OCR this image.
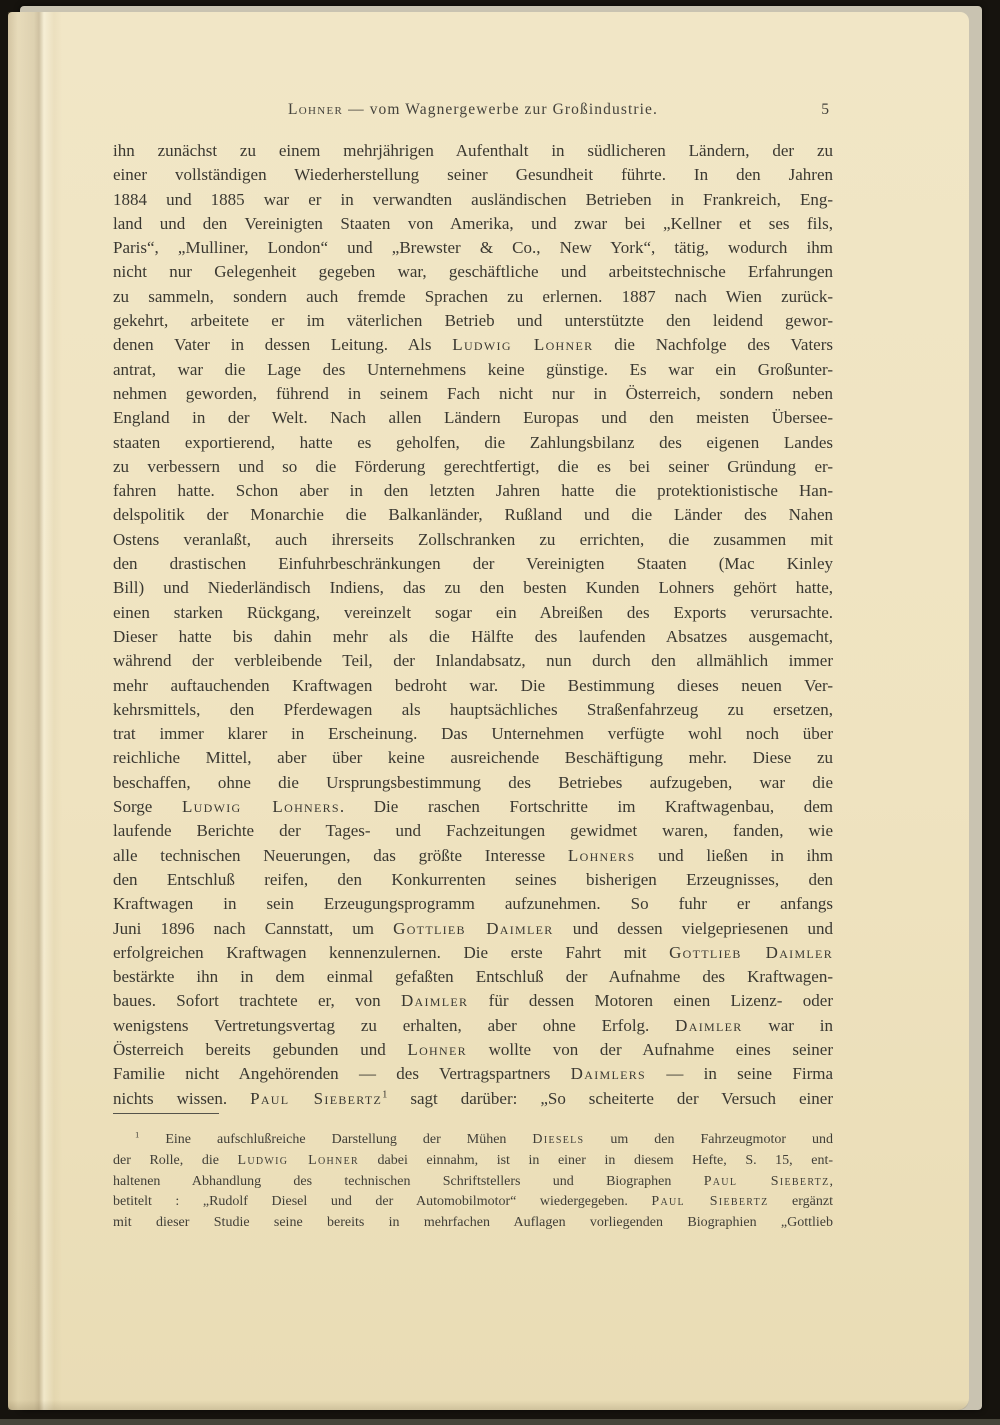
Lohner — vom Wagnergewerbe zur Großindustrie.	5
ihn zunächst zu einem mehrjährigen Aufenthalt in südlicheren Ländern, der zu
einer vollständigen Wiederherstellung seiner Gesundheit führte. In den Jahren
1884 und 1885 war er in verwandten ausländischen Betrieben in Frankreich, Eng-
land und den Vereinigten Staaten von Amerika, und zwar bei „Kellner et ses fils,
Paris“, „Mulliner, London“ und „Brewster & Co., New York“, tätig, wodurch ihm
nicht nur Gelegenheit gegeben war, geschäftliche und arbeitstechnische Erfahrungen
zu sammeln, sondern auch fremde Sprachen zu erlernen. 1887 nach Wien zurück-
gekehrt, arbeitete er im väterlichen Betrieb und unterstützte den leidend gewor-
denen Vater in dessen Leitung. Als Ludwig Lohner die Nachfolge des Vaters
antrat, war die Lage des Unternehmens keine günstige. Es war ein Großunter-
nehmen geworden, führend in seinem Fach nicht nur in Österreich, sondern neben
England in der Welt. Nach allen Ländern Europas und den meisten Übersee-
staaten exportierend, hatte es geholfen, die Zahlungsbilanz des eigenen Landes
zu verbessern und so die Förderung gerechtfertigt, die es bei seiner Gründung er-
fahren hatte. Schon aber in den letzten Jahren hatte die protektionistische Han-
delspolitik der Monarchie die Balkanländer, Rußland und die Länder des Nahen
Ostens veranlaßt, auch ihrerseits Zollschranken zu errichten, die zusammen mit
den drastischen Einfuhrbeschränkungen der Vereinigten Staaten (Mac Kinley
Bill) und Niederländisch Indiens, das zu den besten Kunden Lohners gehört hatte,
einen starken Rückgang, vereinzelt sogar ein Abreißen des Exports verursachte.
Dieser hatte bis dahin mehr als die Hälfte des laufenden Absatzes ausgemacht,
während der verbleibende Teil, der Inlandabsatz, nun durch den allmählich immer
mehr auftauchenden Kraftwagen bedroht war. Die Bestimmung dieses neuen Ver-
kehrsmittels, den Pferdewagen als hauptsächliches Straßenfahrzeug zu ersetzen,
trat immer klarer in Erscheinung. Das Unternehmen verfügte wohl noch über
reichliche Mittel, aber über keine ausreichende Beschäftigung mehr. Diese zu
beschaffen, ohne die Ursprungsbestimmung des Betriebes aufzugeben, war die
Sorge Ludwig Lohners. Die raschen Fortschritte im Kraftwagenbau, dem
laufende Berichte der Tages- und Fachzeitungen gewidmet waren, fanden, wie
alle technischen Neuerungen, das größte Interesse Lohners und ließen in ihm
den Entschluß reifen, den Konkurrenten seines bisherigen Erzeugnisses, den
Kraftwagen in sein Erzeugungsprogramm aufzunehmen. So fuhr er anfangs
Juni 1896 nach Cannstatt, um Gottlieb Daimler und dessen vielgepriesenen und
erfolgreichen Kraftwagen kennenzulernen. Die erste Fahrt mit Gottlieb Daimler
bestärkte ihn in dem einmal gefaßten Entschluß der Aufnahme des Kraftwagen-
baues. Sofort trachtete er, von Daimler für dessen Motoren einen Lizenz- oder
wenigstens Vertretungsvertag zu erhalten, aber ohne Erfolg. Daimler war in
Österreich bereits gebunden und Lohner wollte von der Aufnahme eines seiner
Familie nicht Angehörenden — des Vertragspartners Daimlers — in seine Firma
nichts wissen. Paul Siebertz$^1$ sagt darüber: „So scheiterte der Versuch einer
$^1$ Eine aufschlußreiche Darstellung der Mühen Diesels um den Fahrzeugmotor und
der Rolle, die Ludwig Lohner dabei einnahm, ist in einer in diesem Hefte, S. 15, ent-
haltenen Abhandlung des technischen Schriftstellers und Biographen Paul Siebertz,
betitelt : „Rudolf Diesel und der Automobilmotor“ wiedergegeben. Paul Siebertz ergänzt
mit dieser Studie seine bereits in mehrfachen Auflagen vorliegenden Biographien „Gottlieb
